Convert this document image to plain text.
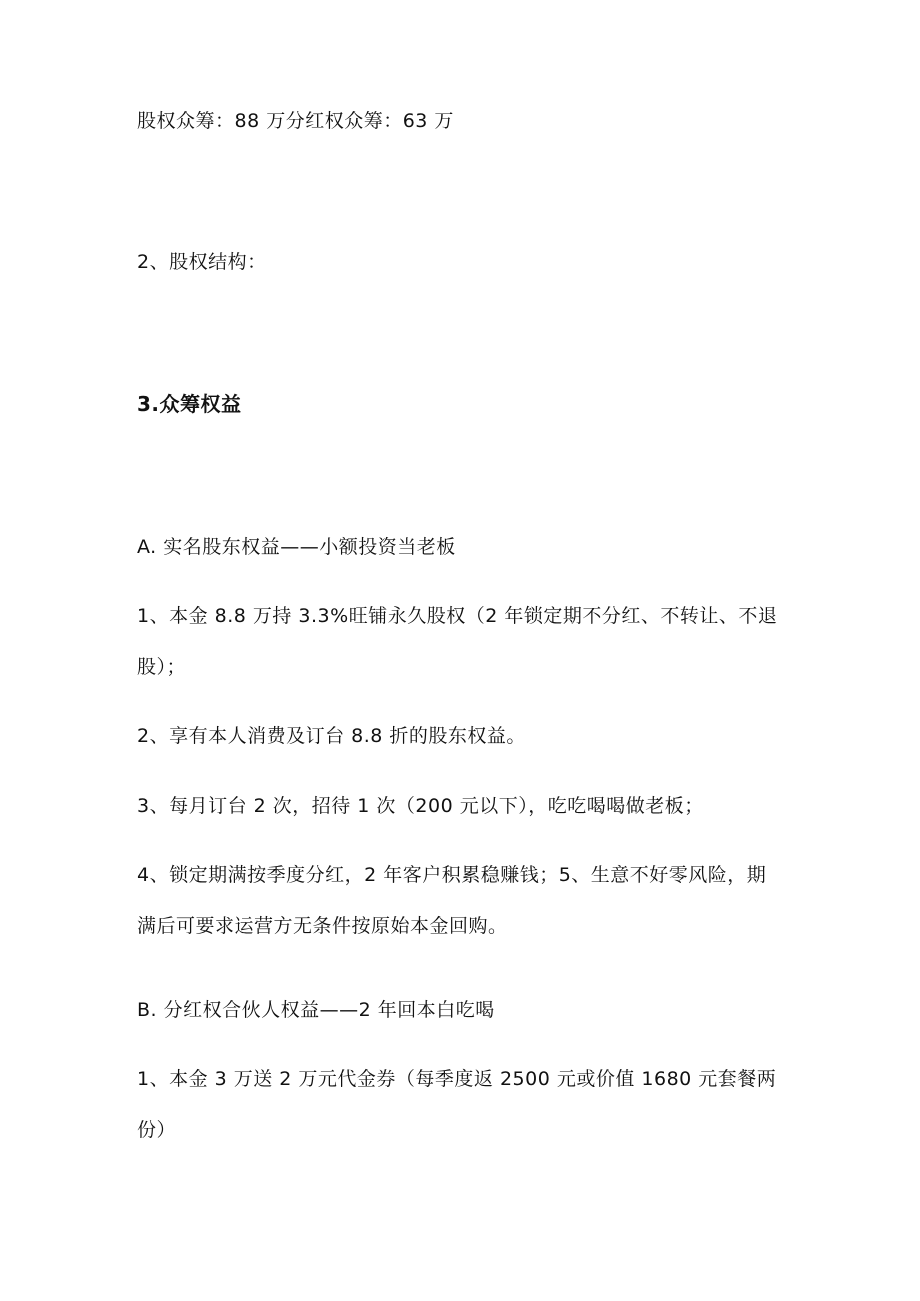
股权众筹：88 万分红权众筹：63 万
2、股权结构：
3.众筹权益
A. 实名股东权益——小额投资当老板
1、本金 8.8 万持 3.3%旺铺永久股权（2 年锁定期不分红、不转让、不退
股）；
2、享有本人消费及订台 8.8 折的股东权益。
3、每月订台 2 次，招待 1 次（200 元以下），吃吃喝喝做老板；
4、锁定期满按季度分红，2 年客户积累稳赚钱；5、生意不好零风险，期
满后可要求运营方无条件按原始本金回购。
B. 分红权合伙人权益——2 年回本白吃喝
1、本金 3 万送 2 万元代金券（每季度返 2500 元或价值 1680 元套餐两
份）
